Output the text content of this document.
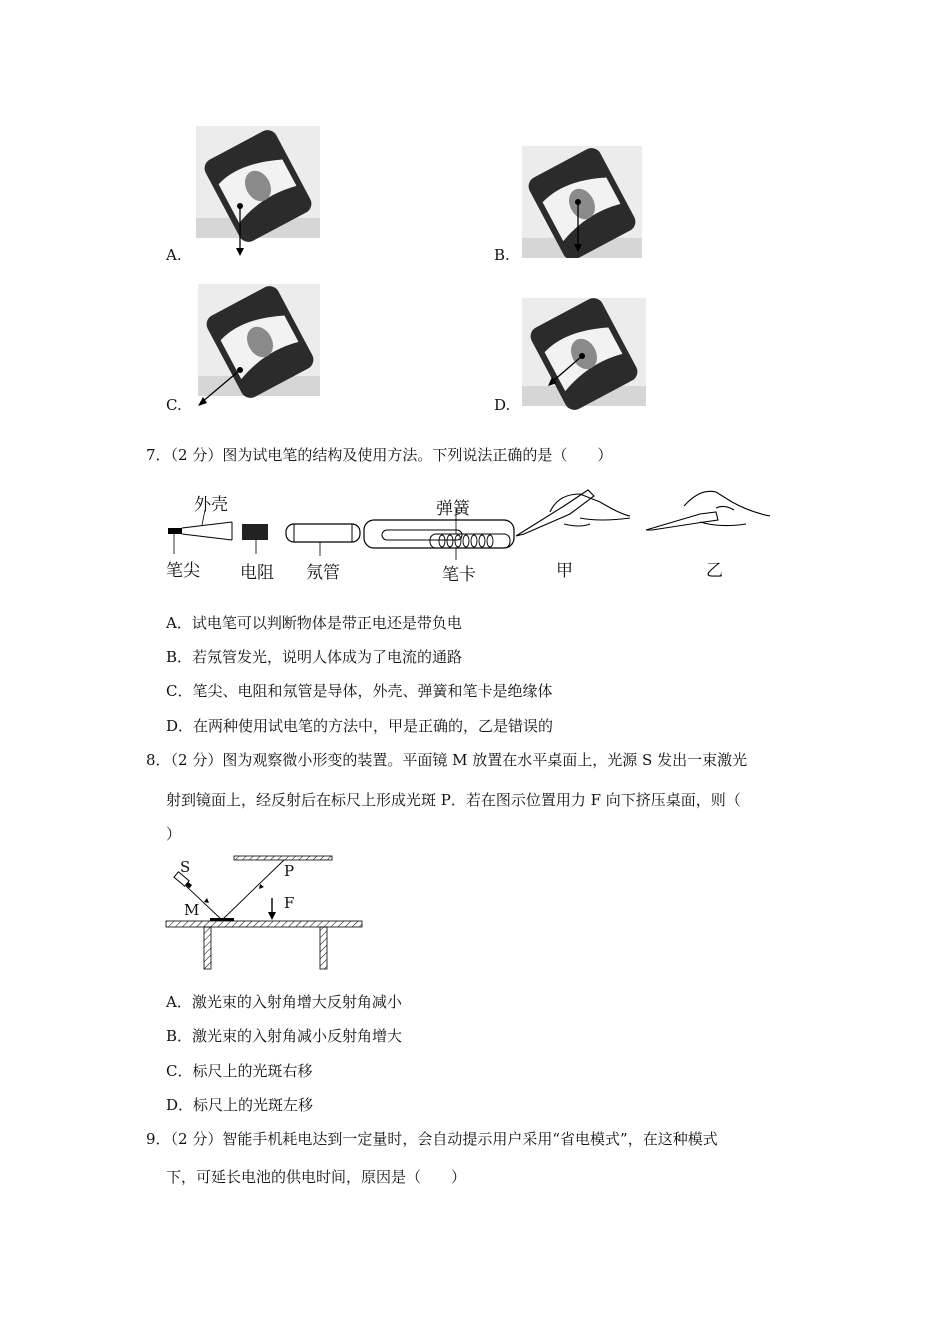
A.	B.
C.	D.
7．（2 分）图为试电笔的结构及使用方法。下列说法正确的是（　　）
外壳
笔尖 电阻 氖管
弹簧
笔卡	甲	乙
A．试电笔可以判断物体是带正电还是带负电
B．若氖管发光，说明人体成为了电流的通路
C．笔尖、电阻和氖管是导体，外壳、弹簧和笔卡是绝缘体
D．在两种使用试电笔的方法中，甲是正确的，乙是错误的
8．（2 分）图为观察微小形变的装置。平面镜 M 放置在水平桌面上，光源 S 发出一束激光
射到镜面上，经反射后在标尺上形成光斑 P．若在图示位置用力 F 向下挤压桌面，则（
）
S
M
P
F
A．激光束的入射角增大反射角减小
B．激光束的入射角减小反射角增大
C．标尺上的光斑右移
D．标尺上的光斑左移
9．（2 分）智能手机耗电达到一定量时，会自动提示用户采用“省电模式”，在这种模式
下，可延长电池的供电时间，原因是（　　）
